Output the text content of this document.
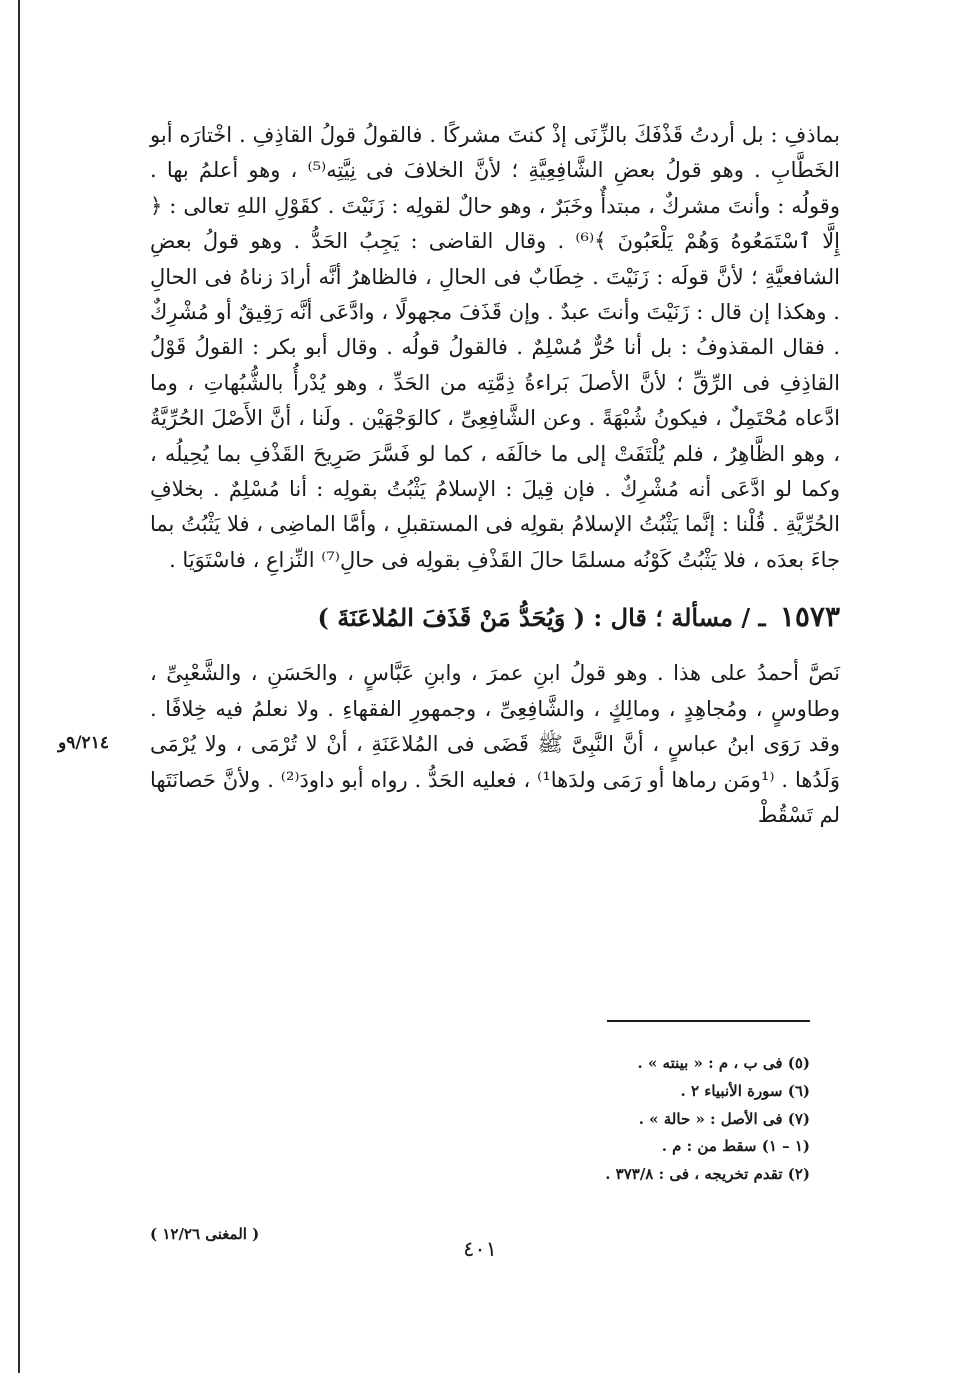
بماذفِ : بل أردتُ قَذْفَكَ بالزِّنَى إذْ كنتَ مشركًا . فالقولُ قولُ القاذِفِ . اخْتارَه أبو الخَطَّابِ . وهو قولُ بعضِ الشَّافِعِيَّةِ ؛ لأنَّ الخلافَ فى نِيَّتِه⁽⁵⁾ ، وهو أعلمُ بها . وقولُه : وأنتَ مشركٌ ، مبتدأٌ وخَبَرٌ ، وهو حالٌ لقولِه : زَنَيْتَ . كقَوْلِ اللهِ تعالى : ﴿ إِلَّا ٱسْتَمَعُوهُ وَهُمْ يَلْعَبُونَ ﴾⁽⁶⁾ . وقال القاضى : يَجِبُ الحَدُّ . وهو قولُ بعضِ الشافعيَّةِ ؛ لأنَّ قولَه : زَنَيْتَ . خِطَابٌ فى الحالِ ، فالظاهرُ أنَّه أرادَ زناهُ فى الحالِ . وهكذا إن قال : زَنَيْتَ وأنتَ عبدٌ . وإن قَذَفَ مجهولًا ، وادَّعَى أنَّه رَقِيقٌ أو مُشْرِكٌ . فقال المقذوفُ : بل أنا حُرٌّ مُسْلِمٌ . فالقولُ قولُه . وقال أبو بكر : القولُ قَوْلُ القاذِفِ فى الرِّقِّ ؛ لأنَّ الأصلَ بَراءةُ ذِمَّتِه من الحَدِّ ، وهو يُدْرأُ بالشُّبُهاتِ ، وما ادَّعاه مُحْتَمِلٌ ، فيكونُ شُبْهَةً . وعن الشَّافِعِىِّ ، كالوَجْهَيْن . ولَنا ، أنَّ الأَصْلَ الحُرِّيَّةُ ، وهو الظَّاهِرُ ، فلم يُلْتَفَتْ إلى ما خالَفَه ، كما لو فَسَّرَ صَرِيحَ القَذْفِ بما يُحِيلُه ، وكما لو ادَّعَى أنه مُشْرِكٌ . فإن قِيلَ : الإسلامُ يَثْبُتُ بقولِه : أنا مُسْلِمٌ . بخلافِ الحُرِّيَّةِ . قُلْنا : إنَّما يَثْبُتُ الإسلامُ بقولِه فى المستقبلِ ، وأمَّا الماضِى ، فلا يَثْبُتُ بما جاءَ بعدَه ، فلا يَثْبُتُ كَوْنُه مسلمًا حالَ القَذْفِ بقولِه فى حالِ⁽⁷⁾ النِّزاعِ ، فاسْتَوَيَا .

١٥٧٣ ـ / مسألة ؛ قال : ( وَيُحَدُّ مَنْ قَذَفَ المُلاعَنَةَ )

نَصَّ أحمدُ على هذا . وهو قولُ ابنِ عمرَ ، وابنِ عَبَّاسٍ ، والحَسَنِ ، والشَّعْبِىِّ ، وطاوسٍ ، ومُجاهِدٍ ، ومالِكٍ ، والشَّافِعِىِّ ، وجمهورِ الفقهاءِ . ولا نعلمُ فيه خِلافًا . وقد رَوَى ابنُ عباسٍ ، أنَّ النَّبِىَّ ﷺ قَضَى فى المُلاعَنَةِ ، أنْ لا تُرْمَى ، ولا يُرْمَى وَلَدُها . ⁽¹ومَن رماها أو رَمَى ولدَها¹⁾ ، فعليه الحَدُّ . رواه أبو داودَ⁽²⁾ . ولأنَّ حَصانَتَها لم تَسْقُطْ

٩/٢١٤و
(٥) فى ب ، م : « بينته » .
(٦) سورة الأنبياء ٢ .
(٧) فى الأصل : « حالة » .
(١ – ١) سقط من : م .
(٢) تقدم تخريجه ، فى : ٣٧٣/٨ .
٤٠١
( المغنى ١٢/٢٦ )
